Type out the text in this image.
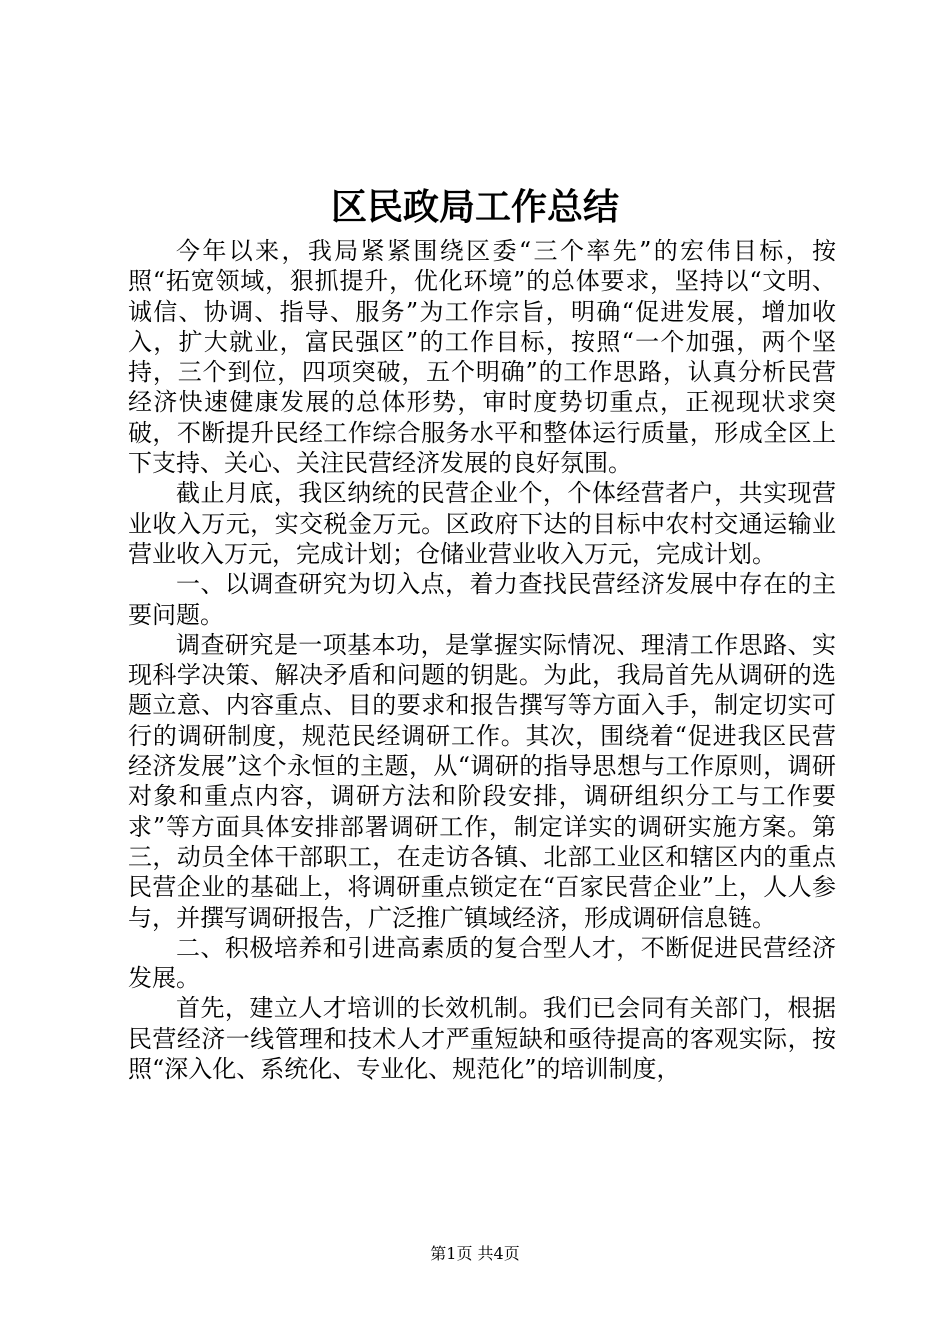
区民政局工作总结

今年以来，我局紧紧围绕区委“三个率先”的宏伟目标，按照“拓宽领域，狠抓提升，优化环境”的总体要求，坚持以“文明、诚信、协调、指导、服务”为工作宗旨，明确“促进发展，增加收入，扩大就业，富民强区”的工作目标，按照“一个加强，两个坚持，三个到位，四项突破，五个明确”的工作思路，认真分析民营经济快速健康发展的总体形势，审时度势切重点，正视现状求突破，不断提升民经工作综合服务水平和整体运行质量，形成全区上下支持、关心、关注民营经济发展的良好氛围。

截止月底，我区纳统的民营企业个，个体经营者户，共实现营业收入万元，实交税金万元。区政府下达的目标中农村交通运输业营业收入万元，完成计划；仓储业营业收入万元，完成计划。

一、以调查研究为切入点，着力查找民营经济发展中存在的主要问题。

调查研究是一项基本功，是掌握实际情况、理清工作思路、实现科学决策、解决矛盾和问题的钥匙。为此，我局首先从调研的选题立意、内容重点、目的要求和报告撰写等方面入手，制定切实可行的调研制度，规范民经调研工作。其次，围绕着“促进我区民营经济发展”这个永恒的主题，从“调研的指导思想与工作原则，调研对象和重点内容，调研方法和阶段安排，调研组织分工与工作要求”等方面具体安排部署调研工作，制定详实的调研实施方案。第三，动员全体干部职工，在走访各镇、北部工业区和辖区内的重点民营企业的基础上，将调研重点锁定在“百家民营企业”上，人人参与，并撰写调研报告，广泛推广镇域经济，形成调研信息链。

二、积极培养和引进高素质的复合型人才，不断促进民营经济发展。

首先，建立人才培训的长效机制。我们已会同有关部门，根据民营经济一线管理和技术人才严重短缺和亟待提高的客观实际，按照“深入化、系统化、专业化、规范化”的培训制度，

第1页 共4页
